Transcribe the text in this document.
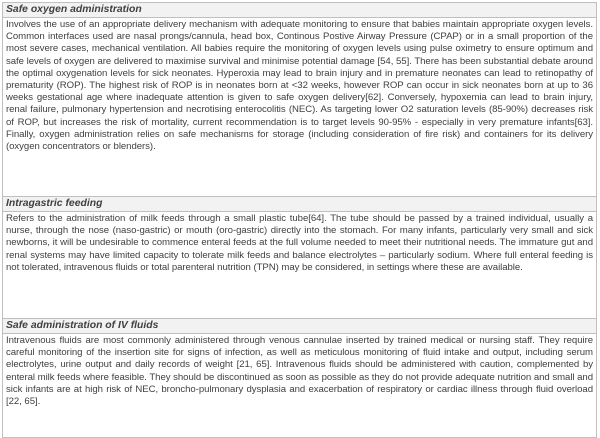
Safe oxygen administration
Involves the use of an appropriate delivery mechanism with adequate monitoring to ensure that babies maintain appropriate oxygen levels. Common interfaces used are nasal prongs/cannula, head box, Continous Postive Airway Pressure (CPAP) or in a small proportion of the most severe cases, mechanical ventilation. All babies require the monitoring of oxygen levels using pulse oximetry to ensure optimum and safe levels of oxygen are delivered to maximise survival and minimise potential damage [54, 55]. There has been substantial debate around the optimal oxygenation levels for sick neonates. Hyperoxia may lead to brain injury and in premature neonates can lead to retinopathy of prematurity (ROP). The highest risk of ROP is in neonates born at <32 weeks, however ROP can occur in sick neonates born at up to 36 weeks gestational age where inadequate attention is given to safe oxygen delivery[62]. Conversely, hypoxemia can lead to brain injury, renal failure, pulmonary hypertension and necrotising enterocolitis (NEC). As targeting lower O2 saturation levels (85-90%) decreases risk of ROP, but increases the risk of mortality, current recommendation is to target levels 90-95% - especially in very premature infants[63]. Finally, oxygen administration relies on safe mechanisms for storage (including consideration of fire risk) and containers for its delivery (oxygen concentrators or blenders).
Intragastric feeding
Refers to the administration of milk feeds through a small plastic tube[64]. The tube should be passed by a trained individual, usually a nurse, through the nose (naso-gastric) or mouth (oro-gastric) directly into the stomach. For many infants, particularly very small and sick newborns, it will be undesirable to commence enteral feeds at the full volume needed to meet their nutritional needs. The immature gut and renal systems may have limited capacity to tolerate milk feeds and balance electrolytes – particularly sodium. Where full enteral feeding is not tolerated, intravenous fluids or total parenteral nutrition (TPN) may be considered, in settings where these are available.
Safe administration of IV fluids
Intravenous fluids are most commonly administered through venous cannulae inserted by trained medical or nursing staff. They require careful monitoring of the insertion site for signs of infection, as well as meticulous monitoring of fluid intake and output, including serum electrolytes, urine output and daily records of weight [21, 65]. Intravenous fluids should be administered with caution, complemented by enteral milk feeds where feasible. They should be discontinued as soon as possible as they do not provide adequate nutrition and small and sick infants are at high risk of NEC, broncho-pulmonary dysplasia and exacerbation of respiratory or cardiac illness through fluid overload [22, 65].
